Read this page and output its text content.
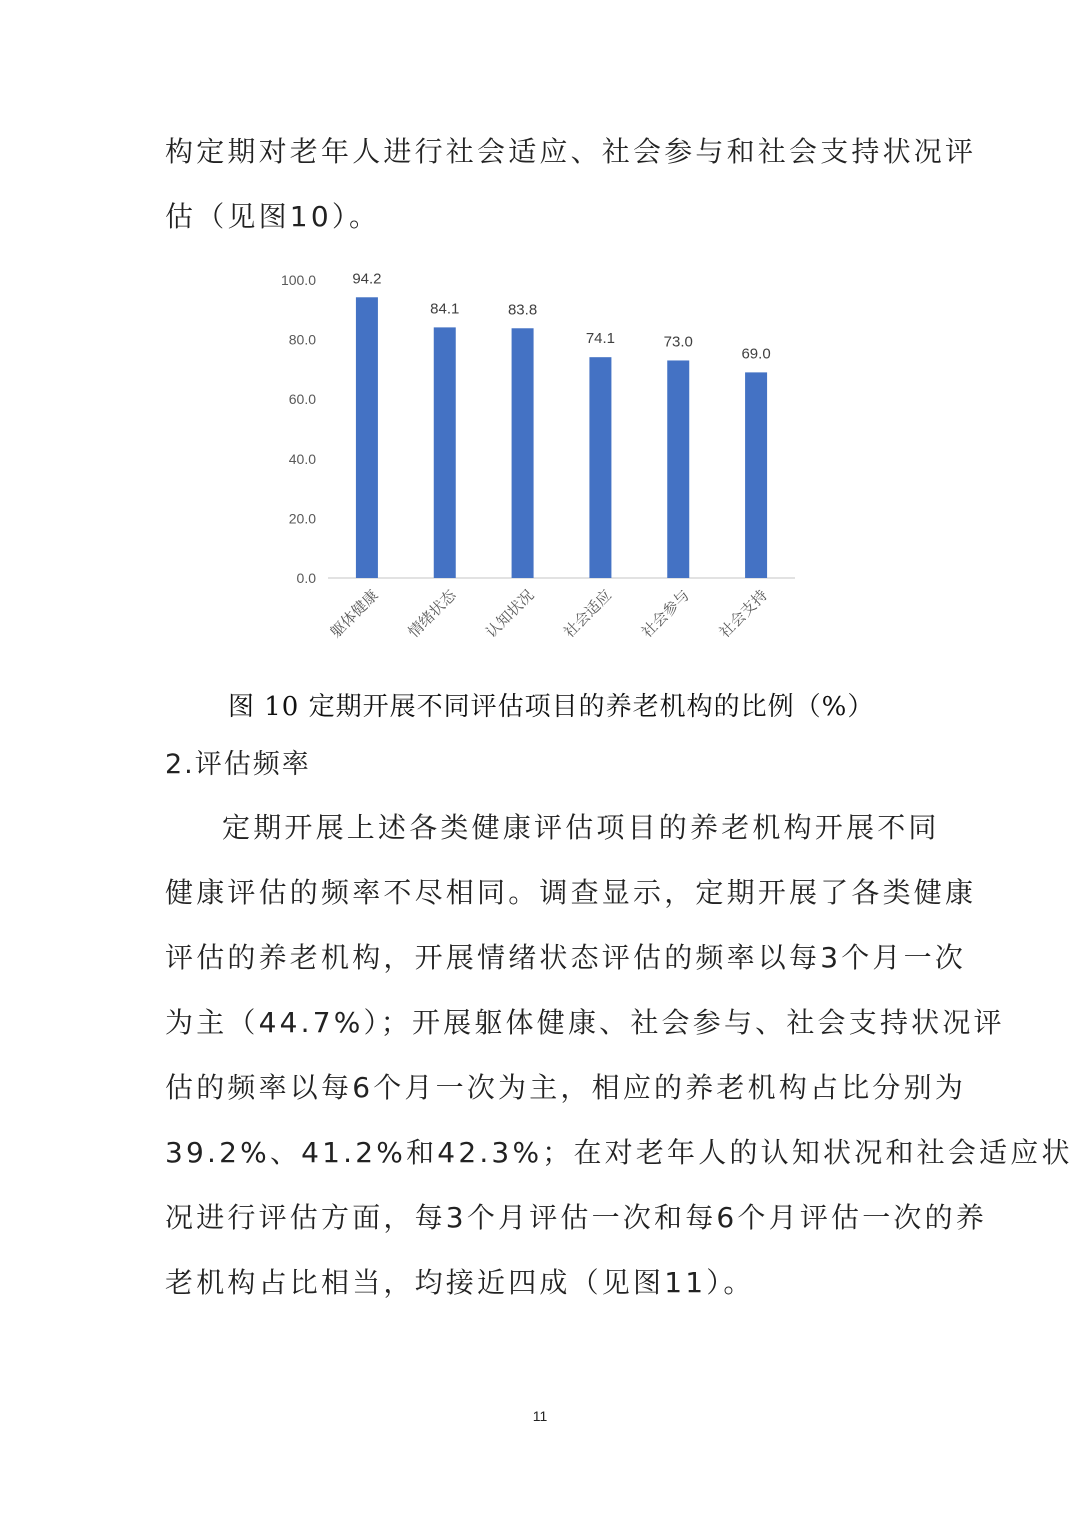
构定期对老年人进行社会适应、社会参与和社会支持状况评
估（见图10）。
0.0
20.0
40.0
60.0
80.0
100.0 94.2
躯体健康
84.1
情绪状态
83.8
认知状况
74.1
社会适应
73.0
社会参与
69.0
社会支持
图 10 定期开展不同评估项目的养老机构的比例（%）
2.评估频率
定期开展上述各类健康评估项目的养老机构开展不同
健康评估的频率不尽相同。调查显示，定期开展了各类健康
评估的养老机构，开展情绪状态评估的频率以每3个月一次
为主（44.7%）；开展躯体健康、社会参与、社会支持状况评
估的频率以每6个月一次为主，相应的养老机构占比分别为
39.2%、41.2%和42.3%；在对老年人的认知状况和社会适应状
况进行评估方面，每3个月评估一次和每6个月评估一次的养
老机构占比相当，均接近四成（见图11）。
11
